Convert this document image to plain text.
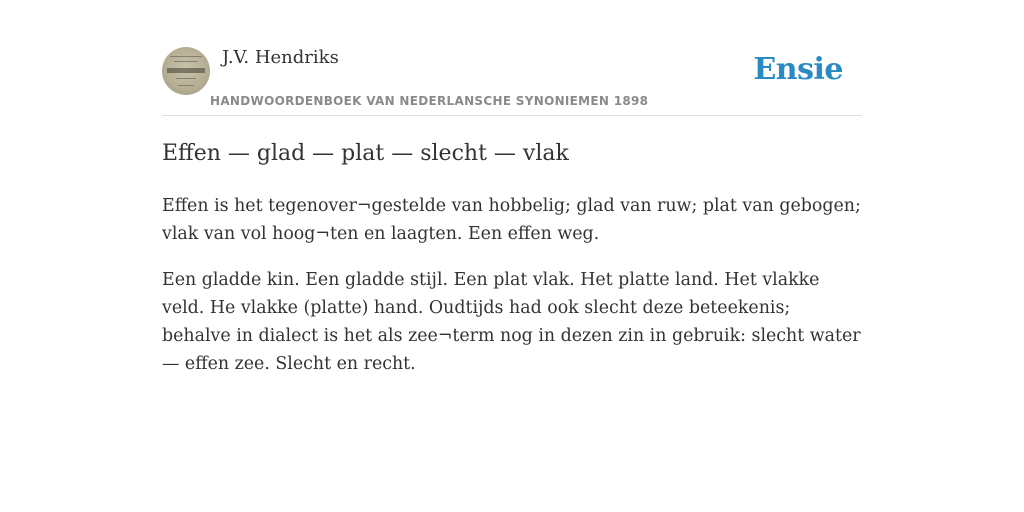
J.V. Hendriks
HANDWOORDENBOEK VAN NEDERLANSCHE SYNONIEMEN 1898
Ensie
Effen — glad — plat — slecht — vlak

Effen is het tegenover¬gestelde van hobbelig; glad van ruw; plat van gebogen; vlak van vol hoog¬ten en laagten. Een effen weg.

Een gladde kin. Een gladde stijl. Een plat vlak. Het platte land. Het vlakke veld. He vlakke (platte) hand. Oudtijds had ook slecht deze beteekenis; behalve in dialect is het als zee¬term nog in dezen zin in gebruik: slecht water — effen zee. Slecht en recht.
